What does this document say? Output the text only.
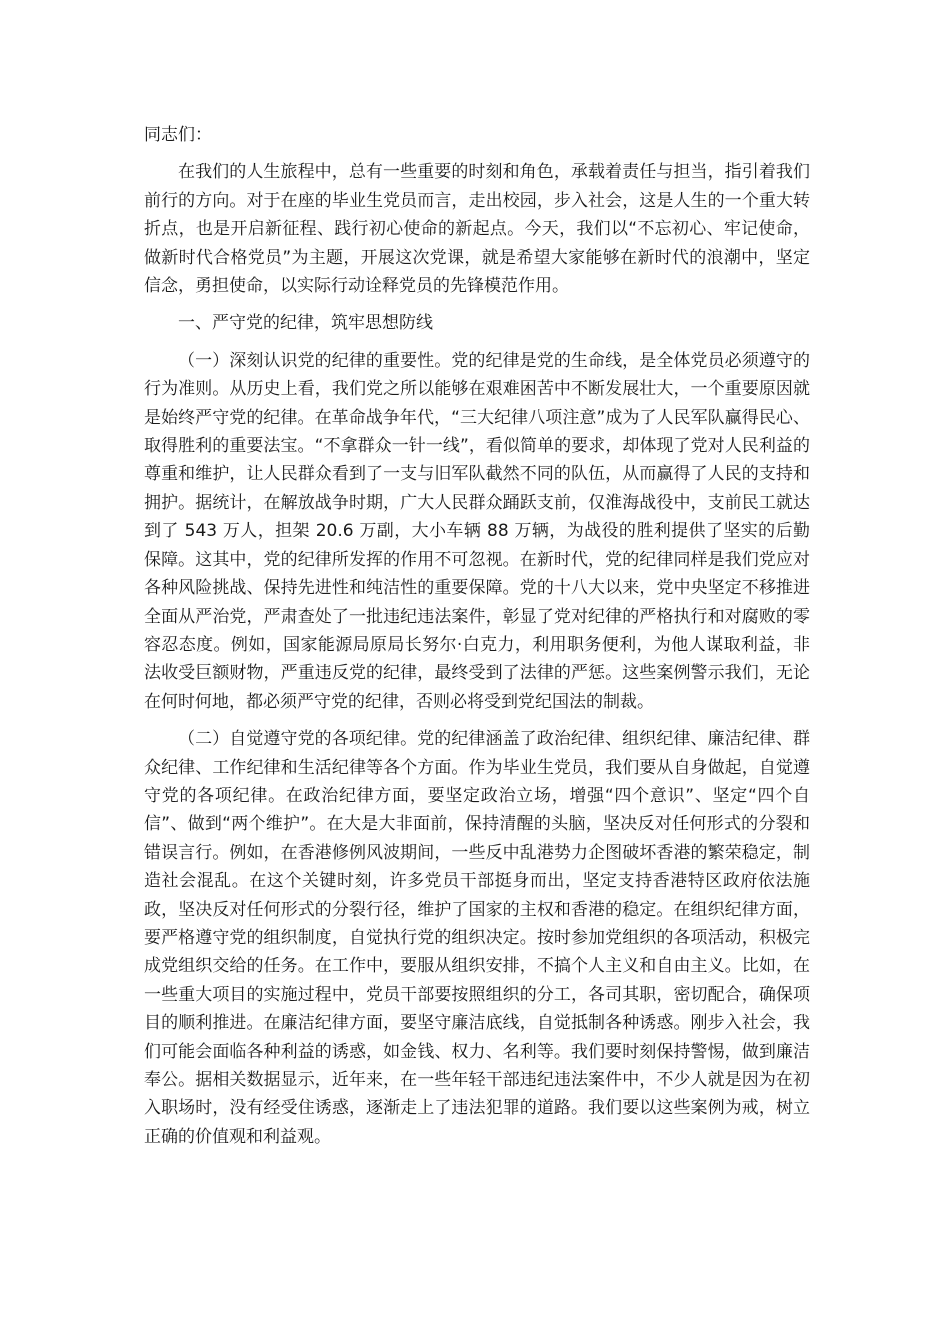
同志们：

在我们的人生旅程中，总有一些重要的时刻和角色，承载着责任与担当，指引着我们前行的方向。对于在座的毕业生党员而言，走出校园，步入社会，这是人生的一个重大转折点，也是开启新征程、践行初心使命的新起点。今天，我们以“不忘初心、牢记使命，做新时代合格党员”为主题，开展这次党课，就是希望大家能够在新时代的浪潮中，坚定信念，勇担使命，以实际行动诠释党员的先锋模范作用。

一、严守党的纪律，筑牢思想防线

（一）深刻认识党的纪律的重要性。党的纪律是党的生命线，是全体党员必须遵守的行为准则。从历史上看，我们党之所以能够在艰难困苦中不断发展壮大，一个重要原因就是始终严守党的纪律。在革命战争年代，“三大纪律八项注意”成为了人民军队赢得民心、取得胜利的重要法宝。“不拿群众一针一线”，看似简单的要求，却体现了党对人民利益的尊重和维护，让人民群众看到了一支与旧军队截然不同的队伍，从而赢得了人民的支持和拥护。据统计，在解放战争时期，广大人民群众踊跃支前，仅淮海战役中，支前民工就达到了 543 万人，担架 20.6 万副，大小车辆 88 万辆，为战役的胜利提供了坚实的后勤保障。这其中，党的纪律所发挥的作用不可忽视。在新时代，党的纪律同样是我们党应对各种风险挑战、保持先进性和纯洁性的重要保障。党的十八大以来，党中央坚定不移推进全面从严治党，严肃查处了一批违纪违法案件，彰显了党对纪律的严格执行和对腐败的零容忍态度。例如，国家能源局原局长努尔·白克力，利用职务便利，为他人谋取利益，非法收受巨额财物，严重违反党的纪律，最终受到了法律的严惩。这些案例警示我们，无论在何时何地，都必须严守党的纪律，否则必将受到党纪国法的制裁。

（二）自觉遵守党的各项纪律。党的纪律涵盖了政治纪律、组织纪律、廉洁纪律、群众纪律、工作纪律和生活纪律等各个方面。作为毕业生党员，我们要从自身做起，自觉遵守党的各项纪律。在政治纪律方面，要坚定政治立场，增强“四个意识”、坚定“四个自信”、做到“两个维护”。在大是大非面前，保持清醒的头脑，坚决反对任何形式的分裂和错误言行。例如，在香港修例风波期间，一些反中乱港势力企图破坏香港的繁荣稳定，制造社会混乱。在这个关键时刻，许多党员干部挺身而出，坚定支持香港特区政府依法施政，坚决反对任何形式的分裂行径，维护了国家的主权和香港的稳定。在组织纪律方面，要严格遵守党的组织制度，自觉执行党的组织决定。按时参加党组织的各项活动，积极完成党组织交给的任务。在工作中，要服从组织安排，不搞个人主义和自由主义。比如，在一些重大项目的实施过程中，党员干部要按照组织的分工，各司其职，密切配合，确保项目的顺利推进。在廉洁纪律方面，要坚守廉洁底线，自觉抵制各种诱惑。刚步入社会，我们可能会面临各种利益的诱惑，如金钱、权力、名利等。我们要时刻保持警惕，做到廉洁奉公。据相关数据显示，近年来，在一些年轻干部违纪违法案件中，不少人就是因为在初入职场时，没有经受住诱惑，逐渐走上了违法犯罪的道路。我们要以这些案例为戒，树立正确的价值观和利益观。
